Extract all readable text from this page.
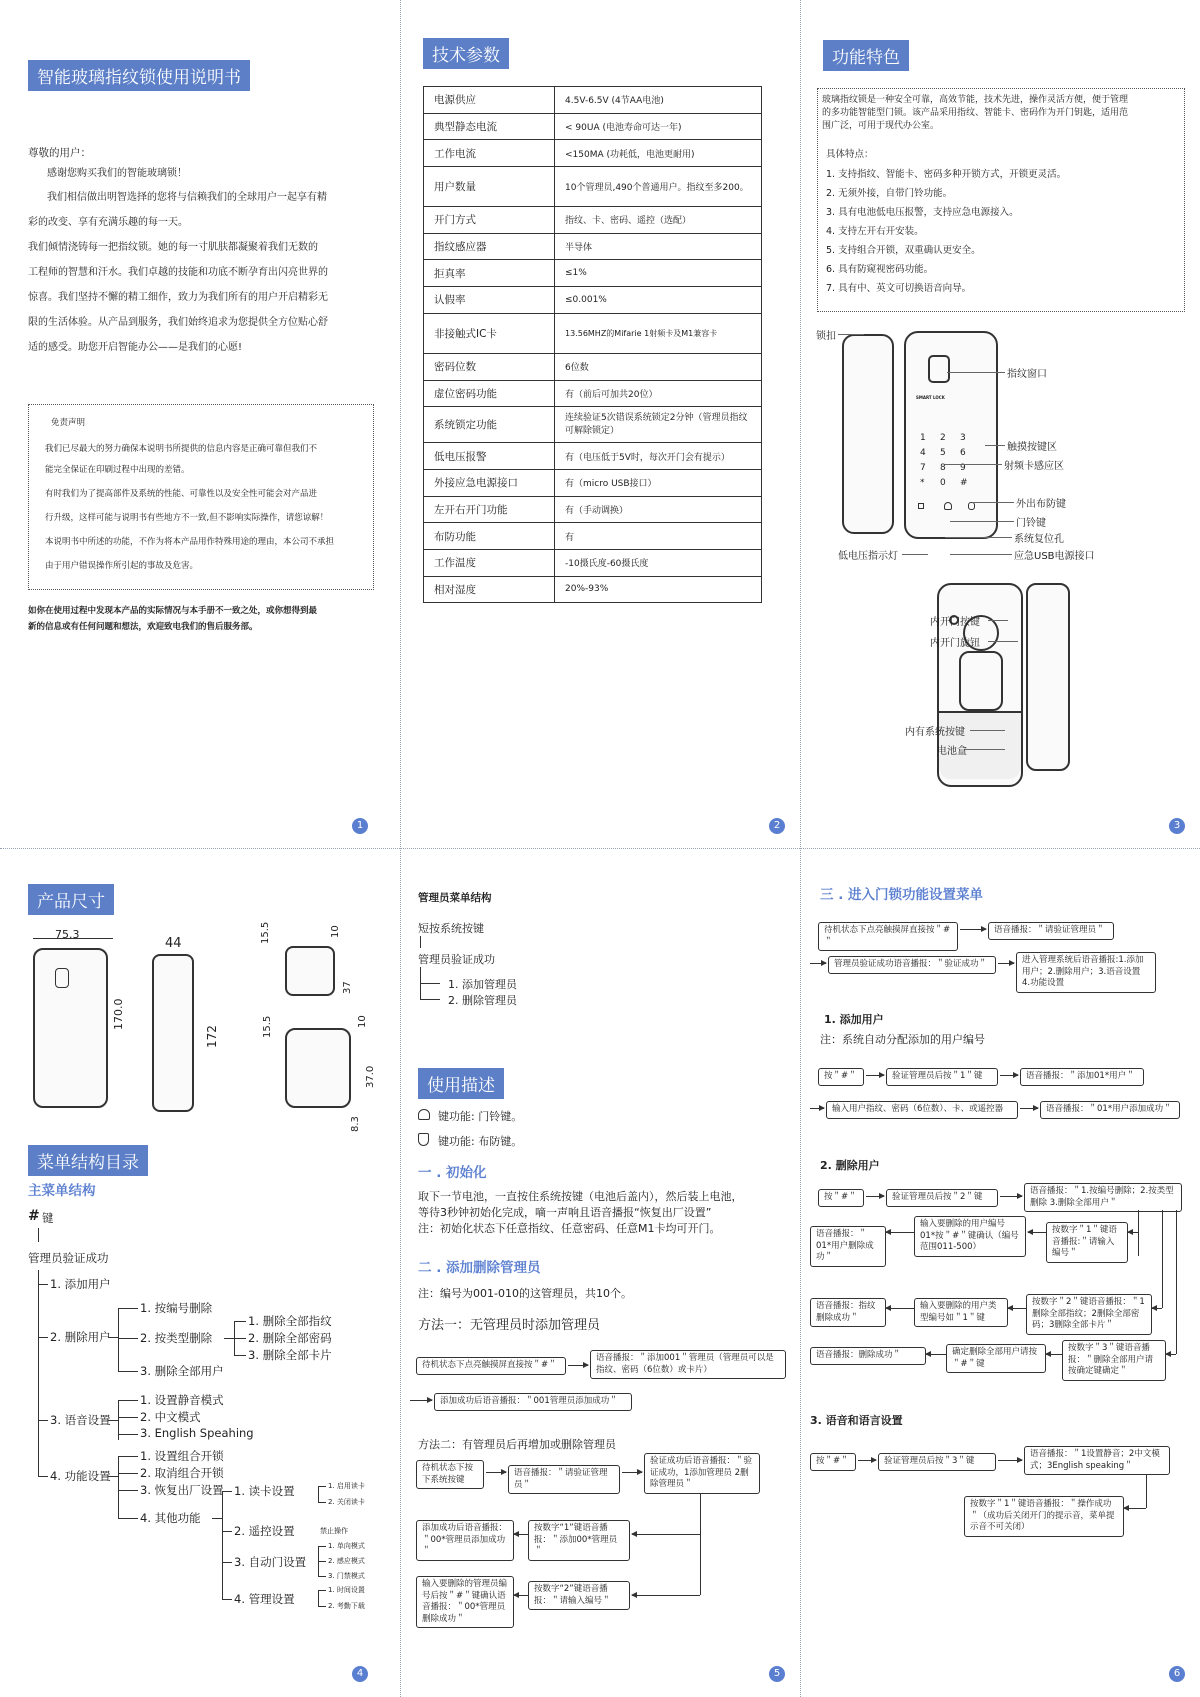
智能玻璃指纹锁使用说明书
尊敬的用户：
感谢您购买我们的智能玻璃锁！
我们相信做出明智选择的您将与信赖我们的全球用户一起享有精
彩的改变、享有充满乐趣的每一天。
我们倾情浇铸每一把指纹锁。她的每一寸肌肤都凝聚着我们无数的
工程师的智慧和汗水。我们卓越的技能和功底不断孕育出闪亮世界的
惊喜。我们坚持不懈的精工细作，致力为我们所有的用户开启精彩无
限的生活体验。从产品到服务，我们始终追求为您提供全方位贴心舒
适的感受。助您开启智能办公——是我们的心愿!
免责声明
我们已尽最大的努力确保本说明书所提供的信息内容是正确可靠但我们不
能完全保证在印刷过程中出现的差错。
有时我们为了提高部件及系统的性能、可靠性以及安全性可能会对产品进
行升级，这样可能与说明书有些地方不一致,但不影响实际操作，请您谅解！
本说明书中所述的功能，不作为将本产品用作特殊用途的理由，本公司不承担
由于用户错误操作所引起的事故及危害。
如你在使用过程中发现本产品的实际情况与本手册不一致之处，或你想得到最
新的信息或有任何问题和想法，欢迎致电我们的售后服务部。
1
技术参数
电源供应	4.5V-6.5V (4节AA电池)
典型静态电流	< 90UA (电池寿命可达一年)
工作电流	<150MA (功耗低，电池更耐用)
用户数量	10个管理员,490个普通用户。指纹至多200。
开门方式	指纹、卡、密码、遥控（选配）
指纹感应器	半导体
拒真率	≤1%
认假率	≤0.001%
非接触式IC卡	13.56MHZ的Mifarie 1射频卡及M1兼容卡
密码位数	6位数
虚位密码功能	有（前后可加共20位）
系统锁定功能	连续验证5次错误系统锁定2分钟（管理员指纹可解除锁定）
低电压报警	有（电压低于5V时，每次开门会有提示）
外接应急电源接口	有（micro USB接口）
左开右开门功能	有（手动调换）
布防功能	有
工作温度	-10摄氏度-60摄氏度
相对湿度	20%-93%
2
功能特色
玻璃指纹锁是一种安全可靠，高效节能，技术先进，操作灵活方便，便于管理
的多功能智能型门锁。该产品采用指纹、智能卡、密码作为开门钥匙，适用范
围广泛，可用于现代办公室。
具体特点：
1. 支持指纹、智能卡、密码多种开锁方式，开锁更灵活。
2. 无须外接，自带门铃功能。
3. 具有电池低电压报警，支持应急电源接入。
4. 支持左开右开安装。
5. 支持组合开锁，双重确认更安全。
6. 具有防窥视密码功能。
7. 具有中、英文可切换语音向导。
SMART LOCK
1 2 3
4 5 6
7 8 9
* 0 #
锁扣
指纹窗口
触摸按键区
射频卡感应区
外出布防键
门铃键
系统复位孔
应急USB电源接口
低电压指示灯
内开门按键
内开门旋钮
内有系统按键
电池盒
3
产品尺寸
75.3
170.0
44
172
15.5	10
37
15.5	10
37.0
8.3
菜单结构目录
主菜单结构
# 键
管理员验证成功
1. 添加用户
2. 删除用户
1. 按编号删除
2. 按类型删除
1. 删除全部指纹
2. 删除全部密码
3. 删除全部卡片
3. 删除全部用户
3. 语音设置
1. 设置静音模式
2. 中文模式
3. English Speahing
4. 功能设置
1. 设置组合开锁
2. 取消组合开锁
3. 恢复出厂设置
4. 其他功能
1. 读卡设置	1. 启用读卡
2. 关闭读卡
2. 遥控设置	禁止操作
3. 自动门设置
1. 单向模式
2. 感应模式
3. 门禁模式
4. 管理设置
1. 时间设置
2. 考勤下载
4
管理员菜单结构
短按系统按键
管理员验证成功
1. 添加管理员
2. 删除管理员
使用描述
键功能: 门铃键。
键功能: 布防键。
一 . 初始化
取下一节电池，一直按住系统按键（电池后盖内），然后装上电池，
等待3秒钟初始化完成，嘀一声响且语音播报“恢复出厂设置”
注：初始化状态下任意指纹、任意密码、任意M1卡均可开门。
二 . 添加删除管理员
注：编号为001-010的这管理员，共10个。
方法一：无管理员时添加管理员
待机状态下点亮触摸屏直接按＂#＂
语音播报：＂添加001＂管理员（管理员可以是指纹、密码（6位数）或卡片）
添加成功后语音播报：＂001管理员添加成功＂
方法二：有管理员后再增加或删除管理员
待机状态下按下系统按键
语音播报：＂请验证管理员＂
验证成功后语音播报：＂验证成功，1添加管理员 2删除管理员＂
按数字“1”键语音播报：＂添加00*管理员＂
添加成功后语音播报：＂00*管理员添加成功＂
按数字“2”键语音播报：＂请输入编号＂
输入要删除的管理员编号后按＂#＂键确认语音播报：＂00*管理员删除成功＂
5
三 . 进入门锁功能设置菜单
待机状态下点亮触摸屏直接按＂#＂
语音播报：＂请验证管理员＂
管理员验证成功语音播报：＂验证成功＂	进入管理系统后语音播报:1.添加用户；2.删除用户；3.语音设置 4.功能设置
1. 添加用户
注：系统自动分配添加的用户编号
按＂#＂	验证管理员后按＂1＂键	语音播报：＂添加01*用户＂
输入用户指纹、密码（6位数）、卡、或遥控器	语音播报：＂01*用户添加成功＂
2. 删除用户
按＂#＂	验证管理员后按＂2＂键
语音播报：＂1.按编号删除；2.按类型删除 3.删除全部用户＂
按数字＂1＂键语音播报:＂请输入编号＂
输入要删除的用户编号01*按＂#＂键确认（编号范围011-500）
语音播报：＂01*用户删除成功＂
按数字＂2＂键语音播报：＂1删除全部指纹；2删除全部密码；3删除全部卡片＂
输入要删除的用户类型编号如＂1＂键
语音播报：指纹删除成功＂
按数字＂3＂键语音播报：＂删除全部用户请按确定键确定＂
确定删除全部用户请按＂#＂键
语音播报：删除成功＂
3. 语音和语言设置
按＂#＂	验证管理员后按＂3＂键
语音播报：＂1设置静音；2中文模式；3English speaking＂
按数字＂1＂键语音播报：＂操作成功＂（成功后关闭开门的提示音，菜单提示音不可关闭）
6
